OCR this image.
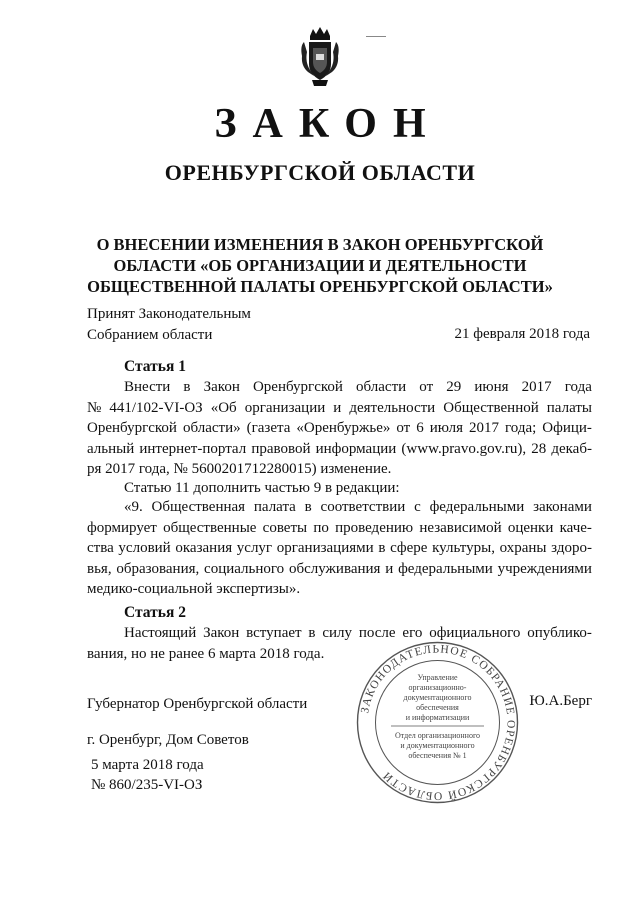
ЗАКОН
ОРЕНБУРГСКОЙ ОБЛАСТИ
О ВНЕСЕНИИ ИЗМЕНЕНИЯ В ЗАКОН ОРЕНБУРГСКОЙ
ОБЛАСТИ «ОБ ОРГАНИЗАЦИИ И ДЕЯТЕЛЬНОСТИ
ОБЩЕСТВЕННОЙ ПАЛАТЫ ОРЕНБУРГСКОЙ ОБЛАСТИ»
Принят Законодательным
Собранием области	21 февраля 2018 года
Статья 1
Внести в Закон Оренбургской области от 29 июня 2017 года
№ 441/102-VI-ОЗ «Об организации и деятельности Общественной палаты
Оренбургской области» (газета «Оренбуржье» от 6 июля 2017 года; Офици-
альный интернет-портал правовой информации (www.pravo.gov.ru), 28 декаб-
ря 2017 года, № 5600201712280015) изменение.
Статью 11 дополнить частью 9 в редакции:
«9. Общественная палата в соответствии с федеральными законами
формирует общественные советы по проведению независимой оценки каче-
ства условий оказания услуг организациями в сфере культуры, охраны здоро-
вья, образования, социального обслуживания и федеральными учреждениями
медико-социальной экспертизы».
Статья 2
Настоящий Закон вступает в силу после его официального опублико-
вания, но не ранее 6 марта 2018 года.
ЗАКОНОДАТЕЛЬНОЕ СОБРАНИЕ ОРЕНБУРГСКОЙ ОБЛАСТИ
Управление
организационно-
документационного
обеспечения
и информатизации
Отдел организационного
и документационного
обеспечения № 1
Губернатор Оренбургской области	Ю.А.Берг
г. Оренбург, Дом Советов
5 марта 2018 года
№ 860/235-VI-ОЗ
